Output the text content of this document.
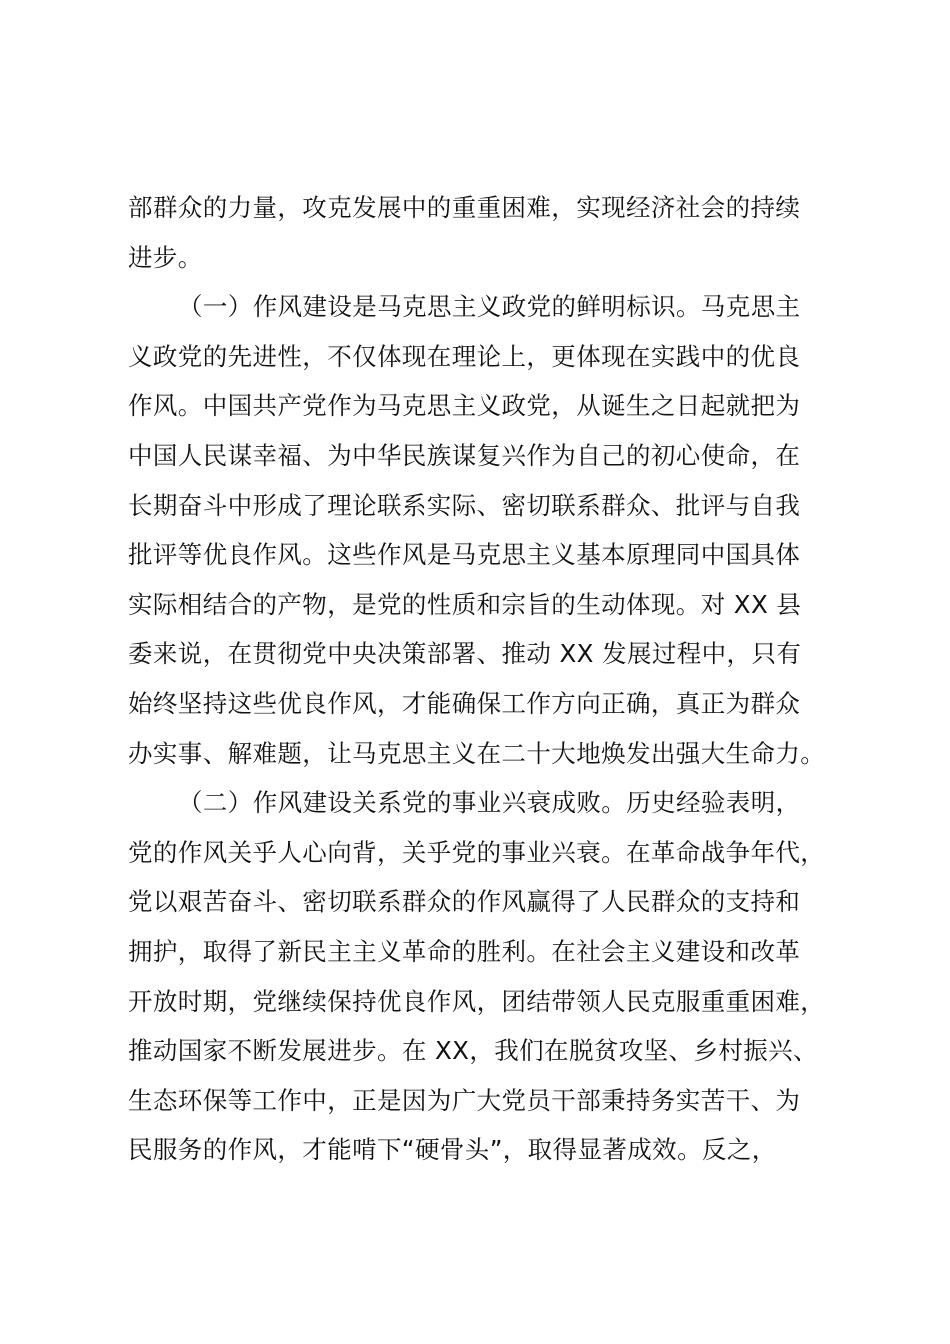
部群众的力量，攻克发展中的重重困难，实现经济社会的持续
进步。
（一）作风建设是马克思主义政党的鲜明标识。马克思主
义政党的先进性，不仅体现在理论上，更体现在实践中的优良
作风。中国共产党作为马克思主义政党，从诞生之日起就把为
中国人民谋幸福、为中华民族谋复兴作为自己的初心使命，在
长期奋斗中形成了理论联系实际、密切联系群众、批评与自我
批评等优良作风。这些作风是马克思主义基本原理同中国具体
实际相结合的产物，是党的性质和宗旨的生动体现。对 XX 县
委来说，在贯彻党中央决策部署、推动 XX 发展过程中，只有
始终坚持这些优良作风，才能确保工作方向正确，真正为群众
办实事、解难题，让马克思主义在二十大地焕发出强大生命力。
（二）作风建设关系党的事业兴衰成败。历史经验表明，
党的作风关乎人心向背，关乎党的事业兴衰。在革命战争年代，
党以艰苦奋斗、密切联系群众的作风赢得了人民群众的支持和
拥护，取得了新民主主义革命的胜利。在社会主义建设和改革
开放时期，党继续保持优良作风，团结带领人民克服重重困难，
推动国家不断发展进步。在 XX，我们在脱贫攻坚、乡村振兴、
生态环保等工作中，正是因为广大党员干部秉持务实苦干、为
民服务的作风，才能啃下“硬骨头”，取得显著成效。反之，
